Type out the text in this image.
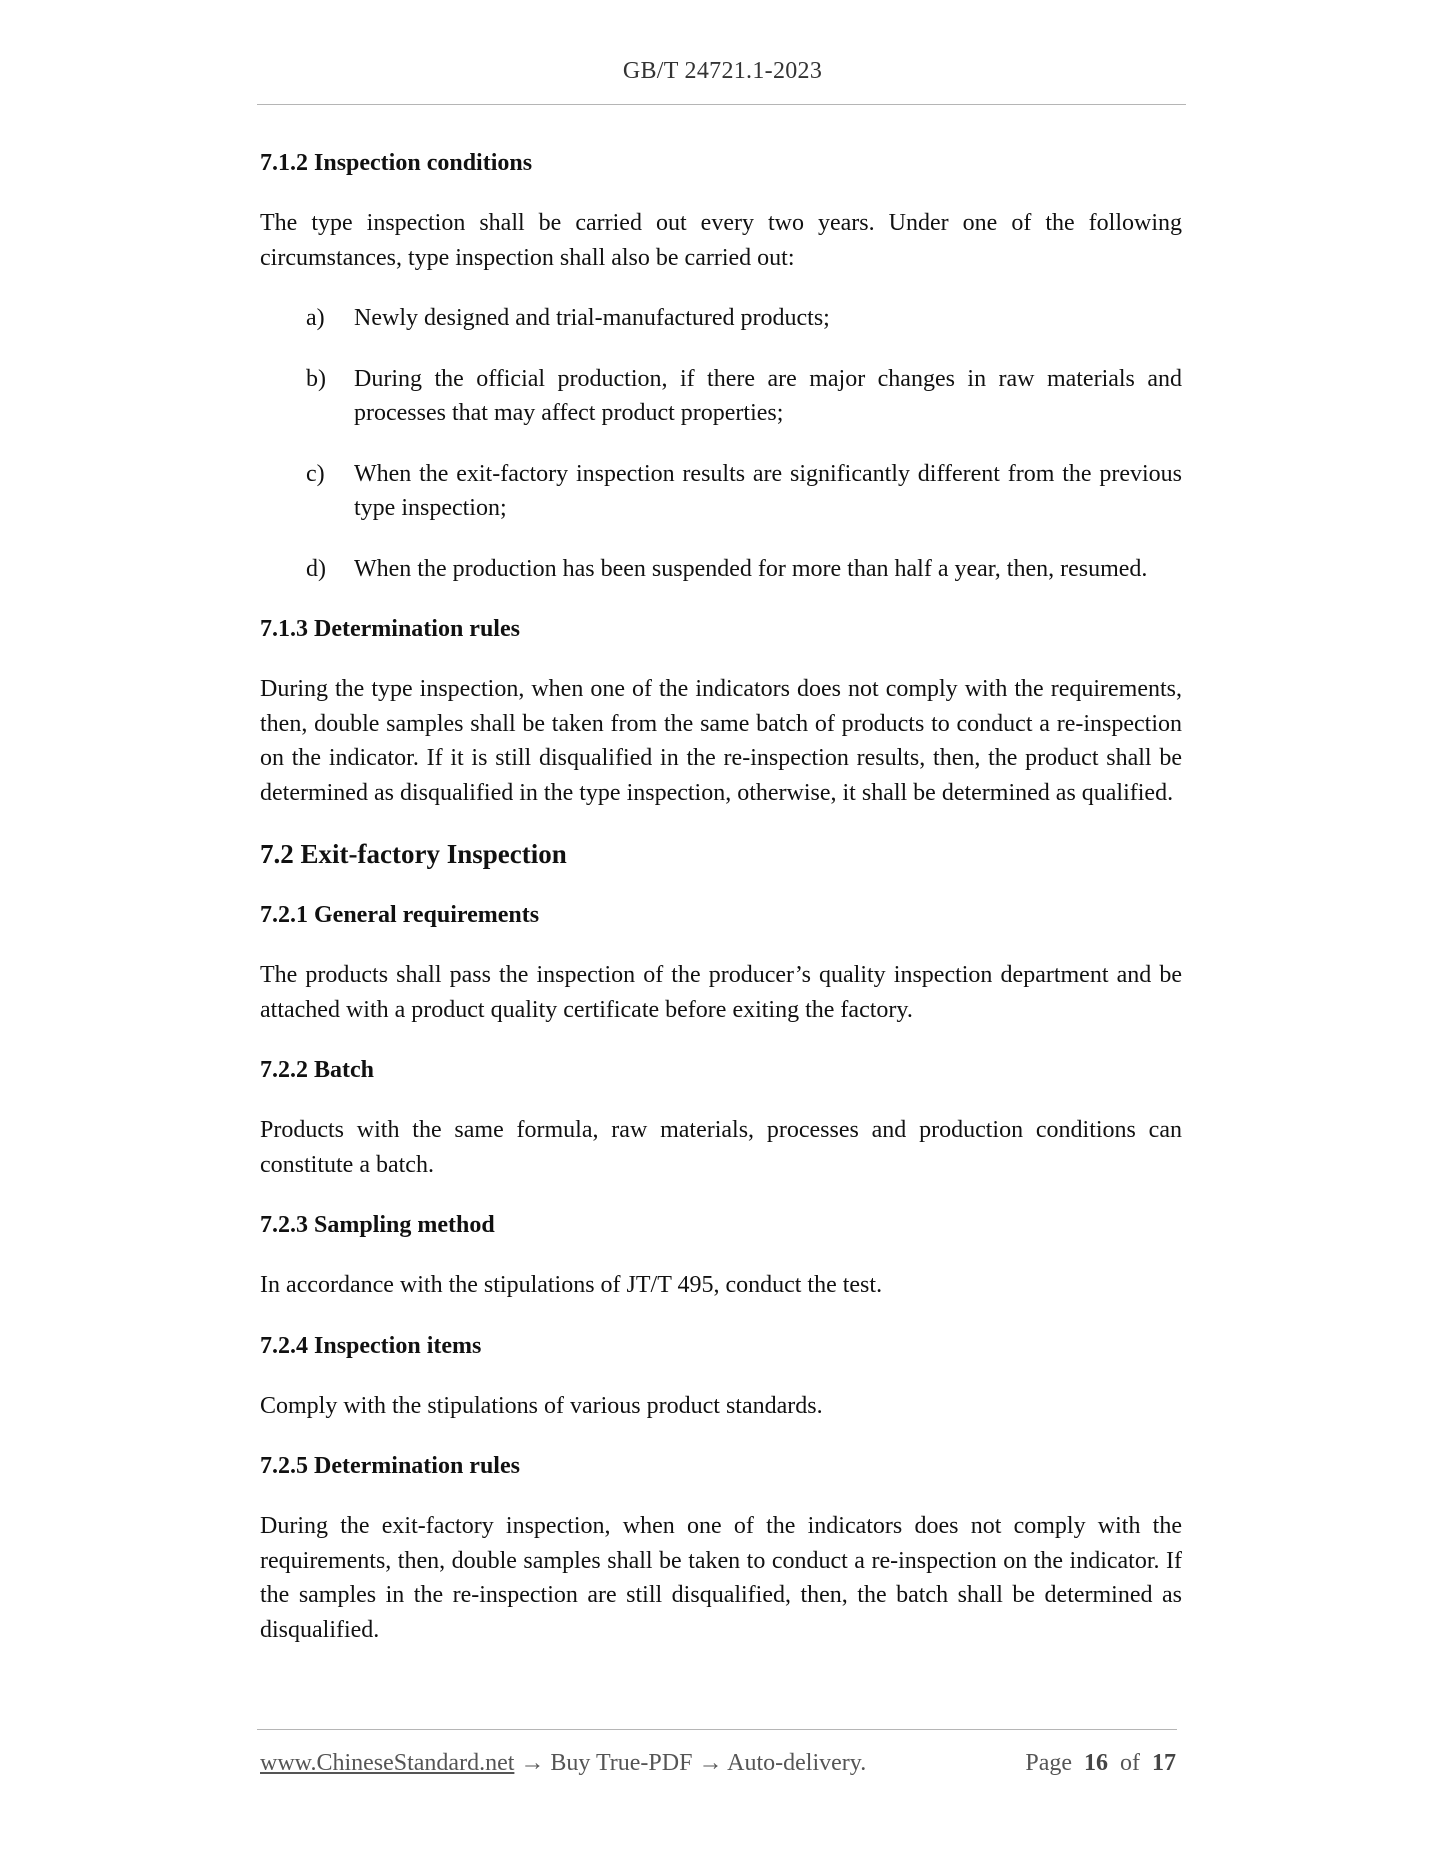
GB/T 24721.1-2023
7.1.2 Inspection conditions
The type inspection shall be carried out every two years. Under one of the following circumstances, type inspection shall also be carried out:
a) Newly designed and trial-manufactured products;
b) During the official production, if there are major changes in raw materials and processes that may affect product properties;
c) When the exit-factory inspection results are significantly different from the previous type inspection;
d) When the production has been suspended for more than half a year, then, resumed.
7.1.3 Determination rules
During the type inspection, when one of the indicators does not comply with the requirements, then, double samples shall be taken from the same batch of products to conduct a re-inspection on the indicator. If it is still disqualified in the re-inspection results, then, the product shall be determined as disqualified in the type inspection, otherwise, it shall be determined as qualified.
7.2 Exit-factory Inspection
7.2.1 General requirements
The products shall pass the inspection of the producer’s quality inspection department and be attached with a product quality certificate before exiting the factory.
7.2.2 Batch
Products with the same formula, raw materials, processes and production conditions can constitute a batch.
7.2.3 Sampling method
In accordance with the stipulations of JT/T 495, conduct the test.
7.2.4 Inspection items
Comply with the stipulations of various product standards.
7.2.5 Determination rules
During the exit-factory inspection, when one of the indicators does not comply with the requirements, then, double samples shall be taken to conduct a re-inspection on the indicator. If the samples in the re-inspection are still disqualified, then, the batch shall be determined as disqualified.
www.ChineseStandard.net → Buy True-PDF → Auto-delivery.	Page 16 of 17
